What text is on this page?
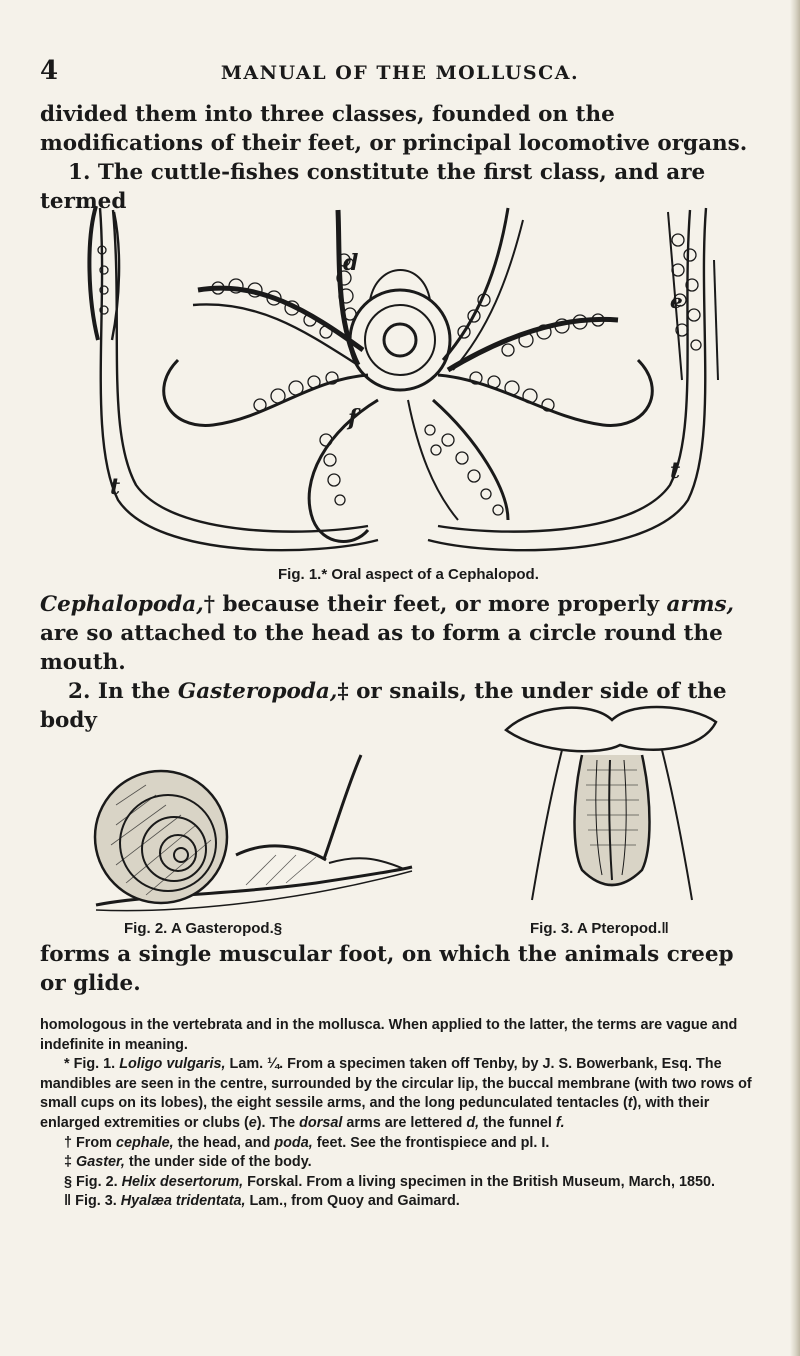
4	MANUAL OF THE MOLLUSCA.

divided them into three classes, founded on the modifications of their feet, or principal locomotive organs.

1. The cuttle-fishes constitute the first class, and are termed

d
e
f
t
t
Fig. 1.* Oral aspect of a Cephalopod.

Cephalopoda,† because their feet, or more properly arms, are so attached to the head as to form a circle round the mouth.

2. In the Gasteropoda,‡ or snails, the under side of the body

Fig. 2. A Gasteropod.§	Fig. 3. A Pteropod.‖

forms a single muscular foot, on which the animals creep or glide.

homologous in the vertebrata and in the mollusca. When applied to the latter, the terms are vague and indefinite in meaning.

* Fig. 1. Loligo vulgaris, Lam. ¼. From a specimen taken off Tenby, by J. S. Bowerbank, Esq. The mandibles are seen in the centre, surrounded by the circular lip, the buccal membrane (with two rows of small cups on its lobes), the eight sessile arms, and the long pedunculated tentacles (t), with their enlarged extremities or clubs (e). The dorsal arms are lettered d, the funnel f.

† From cephale, the head, and poda, feet. See the frontispiece and pl. I.

‡ Gaster, the under side of the body.

§ Fig. 2. Helix desertorum, Forskal. From a living specimen in the British Museum, March, 1850.

‖ Fig. 3. Hyalæa tridentata, Lam., from Quoy and Gaimard.
